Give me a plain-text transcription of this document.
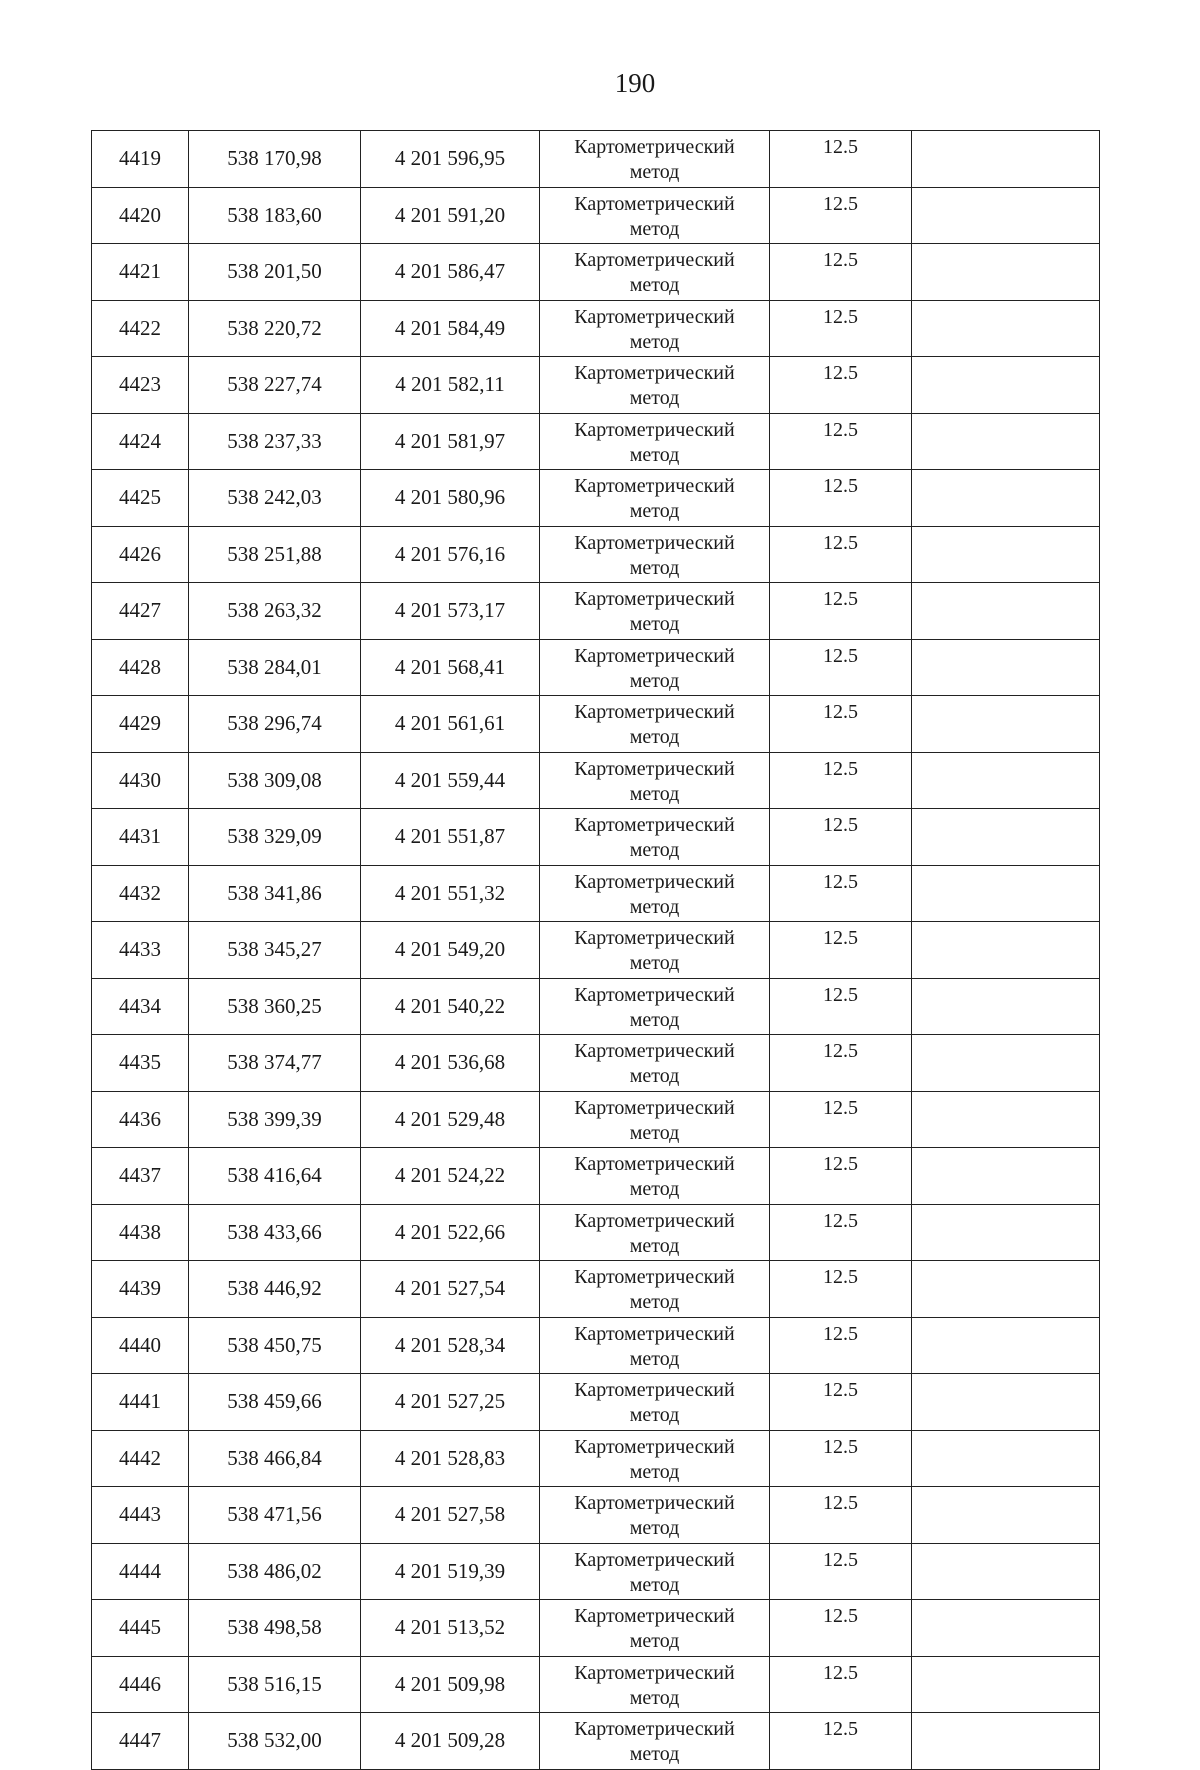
190
4419	538 170,98	4 201 596,95	Картометрический
метод	12.5	
4420	538 183,60	4 201 591,20	Картометрический
метод	12.5	
4421	538 201,50	4 201 586,47	Картометрический
метод	12.5	
4422	538 220,72	4 201 584,49	Картометрический
метод	12.5	
4423	538 227,74	4 201 582,11	Картометрический
метод	12.5	
4424	538 237,33	4 201 581,97	Картометрический
метод	12.5	
4425	538 242,03	4 201 580,96	Картометрический
метод	12.5	
4426	538 251,88	4 201 576,16	Картометрический
метод	12.5	
4427	538 263,32	4 201 573,17	Картометрический
метод	12.5	
4428	538 284,01	4 201 568,41	Картометрический
метод	12.5	
4429	538 296,74	4 201 561,61	Картометрический
метод	12.5	
4430	538 309,08	4 201 559,44	Картометрический
метод	12.5	
4431	538 329,09	4 201 551,87	Картометрический
метод	12.5	
4432	538 341,86	4 201 551,32	Картометрический
метод	12.5	
4433	538 345,27	4 201 549,20	Картометрический
метод	12.5	
4434	538 360,25	4 201 540,22	Картометрический
метод	12.5	
4435	538 374,77	4 201 536,68	Картометрический
метод	12.5	
4436	538 399,39	4 201 529,48	Картометрический
метод	12.5	
4437	538 416,64	4 201 524,22	Картометрический
метод	12.5	
4438	538 433,66	4 201 522,66	Картометрический
метод	12.5	
4439	538 446,92	4 201 527,54	Картометрический
метод	12.5	
4440	538 450,75	4 201 528,34	Картометрический
метод	12.5	
4441	538 459,66	4 201 527,25	Картометрический
метод	12.5	
4442	538 466,84	4 201 528,83	Картометрический
метод	12.5	
4443	538 471,56	4 201 527,58	Картометрический
метод	12.5	
4444	538 486,02	4 201 519,39	Картометрический
метод	12.5	
4445	538 498,58	4 201 513,52	Картометрический
метод	12.5	
4446	538 516,15	4 201 509,98	Картометрический
метод	12.5	
4447	538 532,00	4 201 509,28	Картометрический
метод	12.5	
